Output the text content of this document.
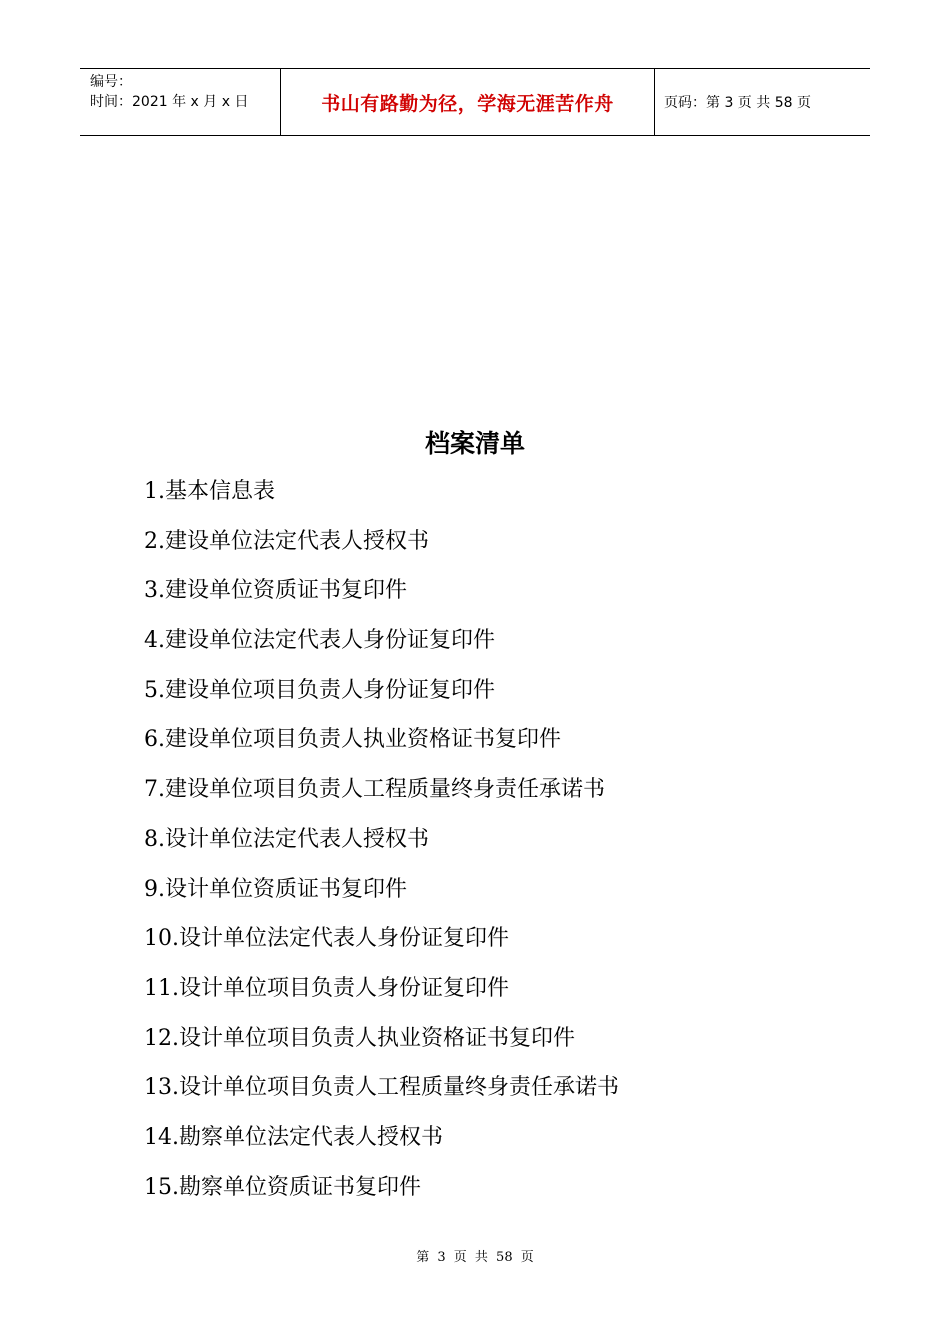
编号：
时间：2021 年 x 月 x 日	书山有路勤为径，学海无涯苦作舟	页码：第 3 页 共 58 页
档案清单
1.基本信息表
2.建设单位法定代表人授权书
3.建设单位资质证书复印件
4.建设单位法定代表人身份证复印件
5.建设单位项目负责人身份证复印件
6.建设单位项目负责人执业资格证书复印件
7.建设单位项目负责人工程质量终身责任承诺书
8.设计单位法定代表人授权书
9.设计单位资质证书复印件
10.设计单位法定代表人身份证复印件
11.设计单位项目负责人身份证复印件
12.设计单位项目负责人执业资格证书复印件
13.设计单位项目负责人工程质量终身责任承诺书
14.勘察单位法定代表人授权书
15.勘察单位资质证书复印件
第 3 页 共 58 页
